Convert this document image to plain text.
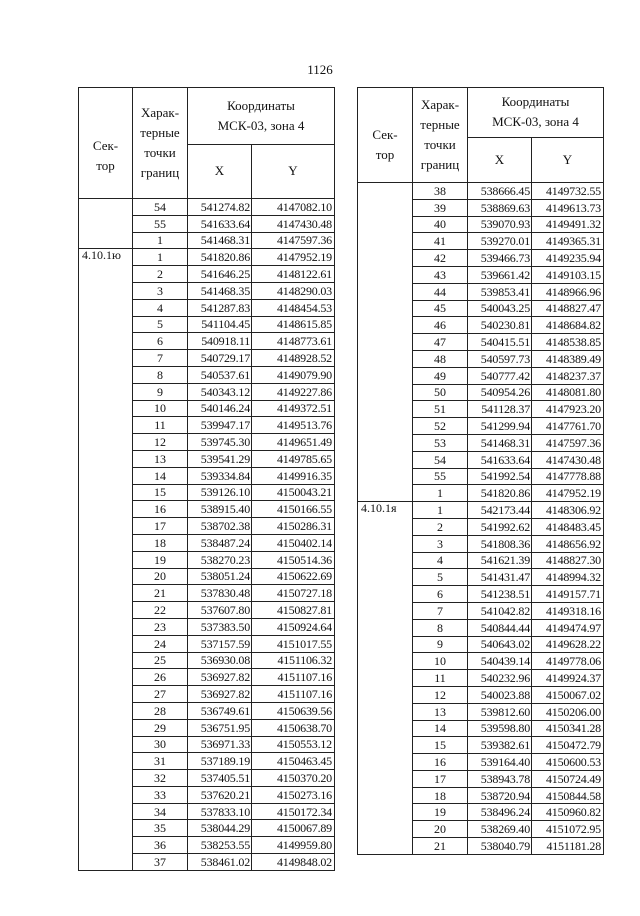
1126
Сек-
тор	Харак-
терные
точки
границ	Координаты
МСК-03, зона 4	
		X	Y
	54	541274.82	4147082.10
	55	541633.64	4147430.48
	1	541468.31	4147597.36
4.10.1ю	1	541820.86	4147952.19
	2	541646.25	4148122.61
	3	541468.35	4148290.03
	4	541287.83	4148454.53
	5	541104.45	4148615.85
	6	540918.11	4148773.61
	7	540729.17	4148928.52
	8	540537.61	4149079.90
	9	540343.12	4149227.86
	10	540146.24	4149372.51
	11	539947.17	4149513.76
	12	539745.30	4149651.49
	13	539541.29	4149785.65
	14	539334.84	4149916.35
	15	539126.10	4150043.21
	16	538915.40	4150166.55
	17	538702.38	4150286.31
	18	538487.24	4150402.14
	19	538270.23	4150514.36
	20	538051.24	4150622.69
	21	537830.48	4150727.18
	22	537607.80	4150827.81
	23	537383.50	4150924.64
	24	537157.59	4151017.55
	25	536930.08	4151106.32
	26	536927.82	4151107.16
	27	536927.82	4151107.16
	28	536749.61	4150639.56
	29	536751.95	4150638.70
	30	536971.33	4150553.12
	31	537189.19	4150463.45
	32	537405.51	4150370.20
	33	537620.21	4150273.16
	34	537833.10	4150172.34
	35	538044.29	4150067.89
	36	538253.55	4149959.80
	37	538461.02	4149848.02
Сек-
тор	Харак-
терные
точки
границ	Координаты
МСК-03, зона 4	
		X	Y
	38	538666.45	4149732.55
	39	538869.63	4149613.73
	40	539070.93	4149491.32
	41	539270.01	4149365.31
	42	539466.73	4149235.94
	43	539661.42	4149103.15
	44	539853.41	4148966.96
	45	540043.25	4148827.47
	46	540230.81	4148684.82
	47	540415.51	4148538.85
	48	540597.73	4148389.49
	49	540777.42	4148237.37
	50	540954.26	4148081.80
	51	541128.37	4147923.20
	52	541299.94	4147761.70
	53	541468.31	4147597.36
	54	541633.64	4147430.48
	55	541992.54	4147778.88
	1	541820.86	4147952.19
4.10.1я	1	542173.44	4148306.92
	2	541992.62	4148483.45
	3	541808.36	4148656.92
	4	541621.39	4148827.30
	5	541431.47	4148994.32
	6	541238.51	4149157.71
	7	541042.82	4149318.16
	8	540844.44	4149474.97
	9	540643.02	4149628.22
	10	540439.14	4149778.06
	11	540232.96	4149924.37
	12	540023.88	4150067.02
	13	539812.60	4150206.00
	14	539598.80	4150341.28
	15	539382.61	4150472.79
	16	539164.40	4150600.53
	17	538943.78	4150724.49
	18	538720.94	4150844.58
	19	538496.24	4150960.82
	20	538269.40	4151072.95
	21	538040.79	4151181.28
